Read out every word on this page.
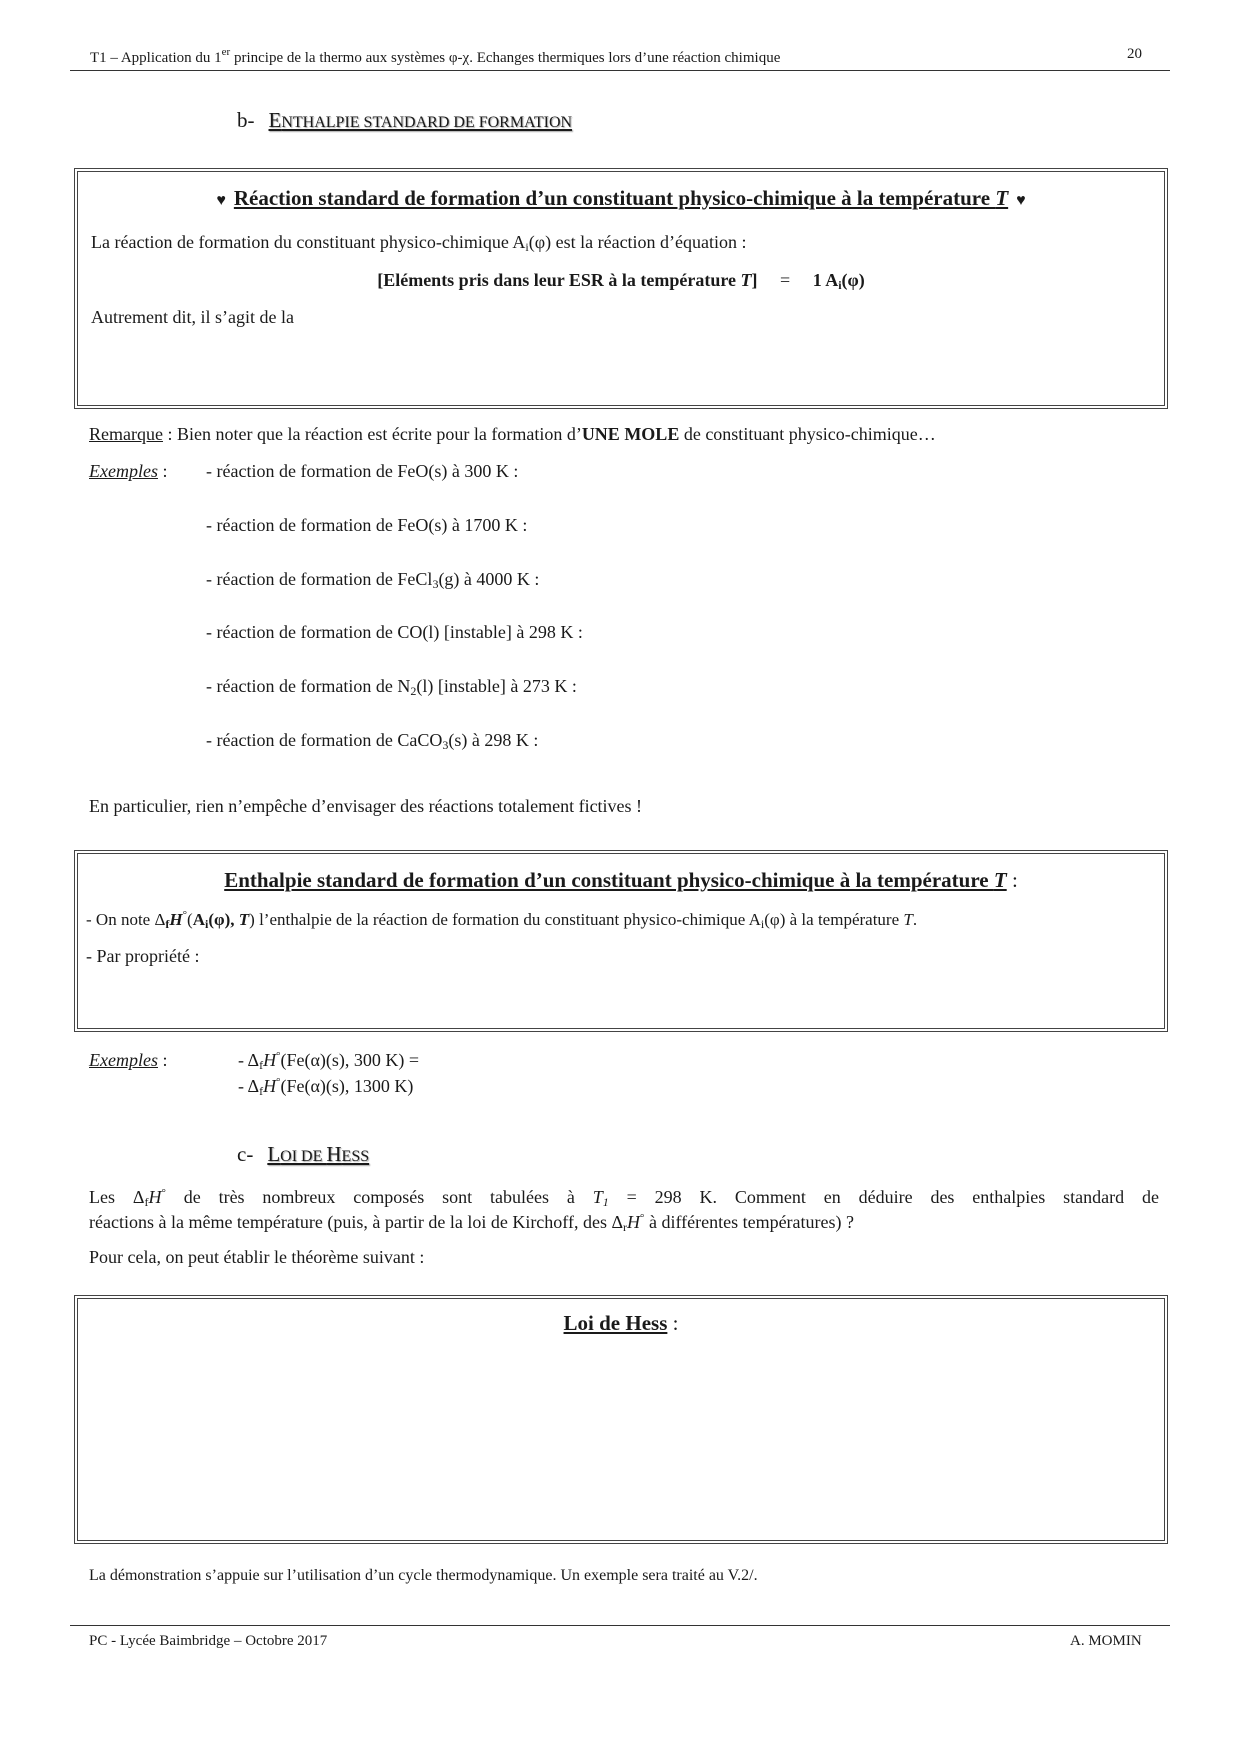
T1 – Application du 1er principe de la thermo aux systèmes φ-χ. Echanges thermiques lors d’une réaction chimique	20
b- ENTHALPIE STANDARD DE FORMATION
♥ Réaction standard de formation d’un constituant physico-chimique à la température T ♥
La réaction de formation du constituant physico-chimique $A_i(\varphi)$ est la réaction d’équation :
[Eléments pris dans leur ESR à la température T] = 1 $A_i(\varphi)$
Autrement dit, il s’agit de la
Remarque : Bien noter que la réaction est écrite pour la formation d’UNE MOLE de constituant physico-chimique…
Exemples : - réaction de formation de FeO(s) à 300 K :
- réaction de formation de FeO(s) à 1700 K :
- réaction de formation de FeCl$_3$(g) à 4000 K :
- réaction de formation de CO(l) [instable] à 298 K :
- réaction de formation de $N_2(l)$ [instable] à 273 K :
- réaction de formation de CaCO$_3$(s) à 298 K :
En particulier, rien n’empêche d’envisager des réactions totalement fictives !
Enthalpie standard de formation d’un constituant physico-chimique à la température T :
- On note $\Delta_fH^\circ(A_i(\varphi)$, T) l’enthalpie de la réaction de formation du constituant physico-chimique $A_i(\varphi)$ à la température T.
- Par propriété :
Exemples :	- $\Delta_fH^\circ(Fe(\alpha)(s)$, 300 K) =
- $\Delta_fH^\circ(Fe(\alpha)(s)$, 1300 K)
c- LOI DE HESS
Les $\Delta_fH^\circ$ de très nombreux composés sont tabulées à $T_1 = 298$ K. Comment en déduire des enthalpies standard de
réactions à la même température (puis, à partir de la loi de Kirchoff, des $\Delta_rH^\circ$ à différentes températures) ?
Pour cela, on peut établir le théorème suivant :
Loi de Hess :
La démonstration s’appuie sur l’utilisation d’un cycle thermodynamique. Un exemple sera traité au V.2/.
PC - Lycée Baimbridge – Octobre 2017	A. MOMIN
